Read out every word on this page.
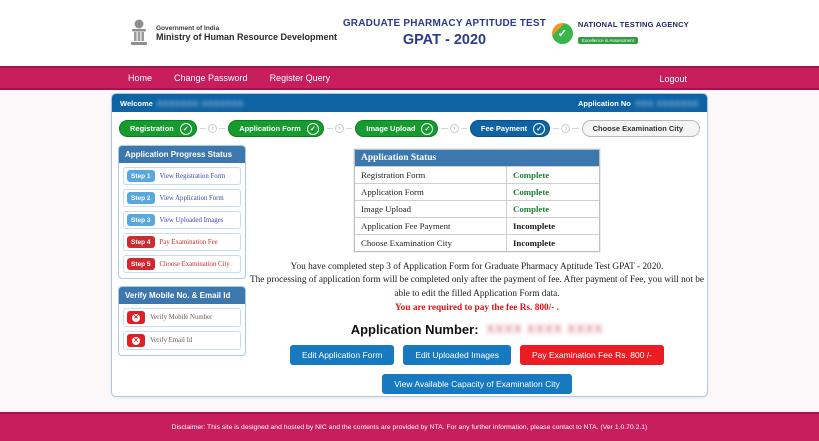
Government of India
Ministry of Human Resource Development
GRADUATE PHARMACY APTITUDE TEST
GPAT - 2020	✓
NATIONAL TESTING AGENCY
Excellence in Assessment
Home Change Password Register Query	Logout
Welcome
XXXXXXX XXXXXXX	Application No XXX XXXXXXX
Registration	✓	›	Application Form	✓	›	Image Upload	✓	›	Fee Payment	✓	›	Choose Examination City
Application Progress Status
Step 1	View Registration Form
Step 2	View Application Form
Step 3	View Uploaded Images
Step 4	Pay Examination Fee
Step 5	Choose Examination City
Verify Mobile No. & Email Id
✕ Verify Mobile Number
✕ Verify Email Id
Application Status
Registration Form	Complete
Application Form	Complete
Image Upload	Complete
Application Fee Payment	Incomplete
Choose Examination City	Incomplete
You have completed step 3 of Application Form for Graduate Pharmacy Aptitude Test GPAT - 2020.
The processing of application form will be completed only after the payment of fee. After payment of Fee, you will not be able to edit the filled Application Form data.
You are required to pay the fee Rs. 800/- .
Application Number: XXXX XXXX XXXX
Edit Application Form	Edit Uploaded Images	Pay Examination Fee Rs. 800 /-
View Available Capacity of Examination City
Disclaimer: This site is designed and hosted by NIC and the contents are provided by NTA. For any further information, please contact to NTA. (Ver 1.0.70.2.1)
